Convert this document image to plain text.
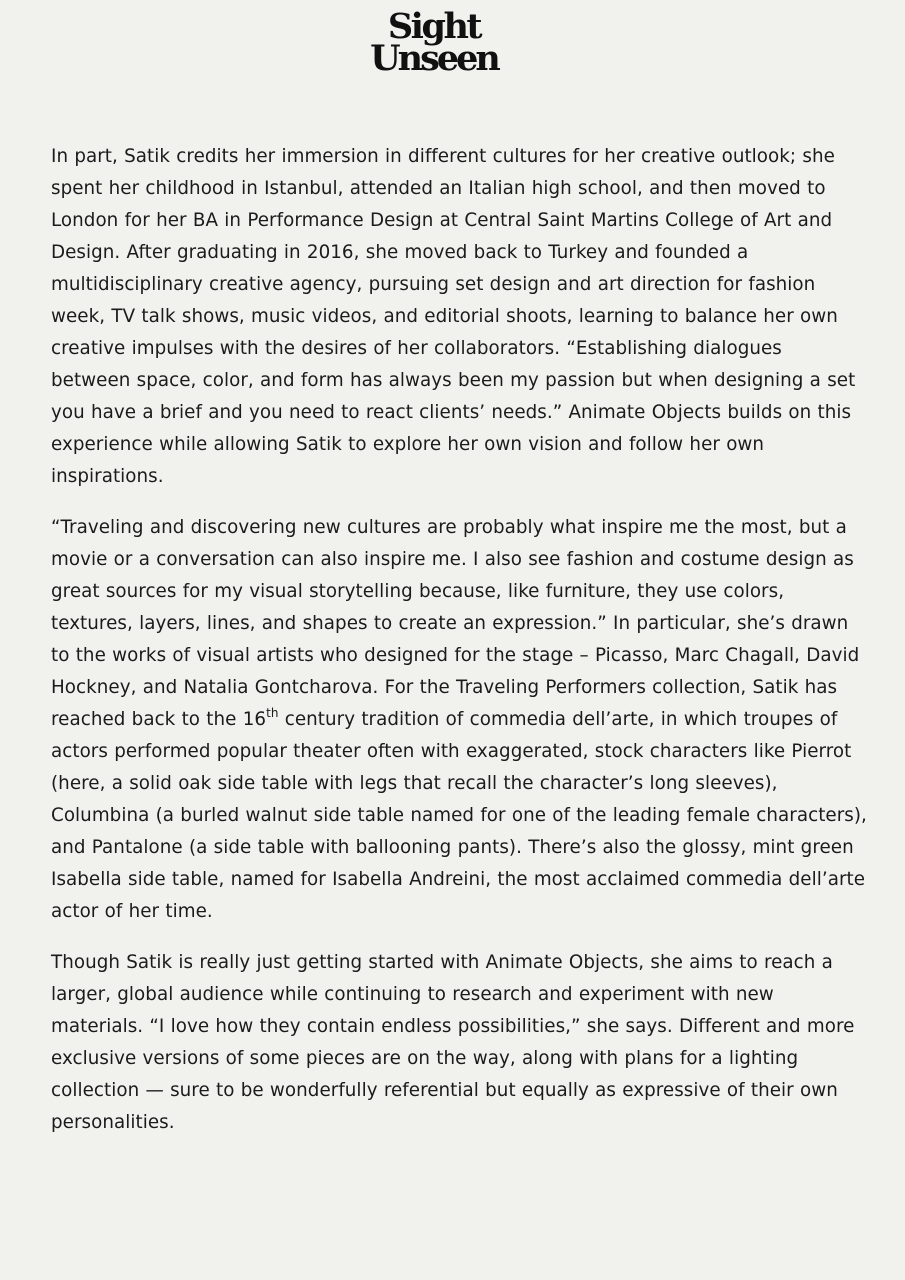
Sight
Unseen

In part, Satik credits her immersion in different cultures for her creative outlook; she spent her childhood in Istanbul, attended an Italian high school, and then moved to London for her BA in Performance Design at Central Saint Martins College of Art and Design. After graduating in 2016, she moved back to Turkey and founded a multidisciplinary creative agency, pursuing set design and art direction for fashion week, TV talk shows, music videos, and editorial shoots, learning to balance her own creative impulses with the desires of her collaborators. “Establishing dialogues between space, color, and form has always been my passion but when designing a set you have a brief and you need to react clients’ needs.” Animate Objects builds on this experience while allowing Satik to explore her own vision and follow her own inspirations.

“Traveling and discovering new cultures are probably what inspire me the most, but a movie or a conversation can also inspire me. I also see fashion and costume design as great sources for my visual storytelling because, like furniture, they use colors, textures, layers, lines, and shapes to create an expression.” In particular, she’s drawn to the works of visual artists who designed for the stage – Picasso, Marc Chagall, David Hockney, and Natalia Gontcharova. For the Traveling Performers collection, Satik has reached back to the 16th century tradition of commedia dell’arte, in which troupes of actors performed popular theater often with exaggerated, stock characters like Pierrot (here, a solid oak side table with legs that recall the character’s long sleeves), Columbina (a burled walnut side table named for one of the leading female characters), and Pantalone (a side table with ballooning pants). There’s also the glossy, mint green Isabella side table, named for Isabella Andreini, the most acclaimed commedia dell’arte actor of her time.

Though Satik is really just getting started with Animate Objects, she aims to reach a larger, global audience while continuing to research and experiment with new materials. “I love how they contain endless possibilities,” she says. Different and more exclusive versions of some pieces are on the way, along with plans for a lighting collection — sure to be wonderfully referential but equally as expressive of their own personalities.
